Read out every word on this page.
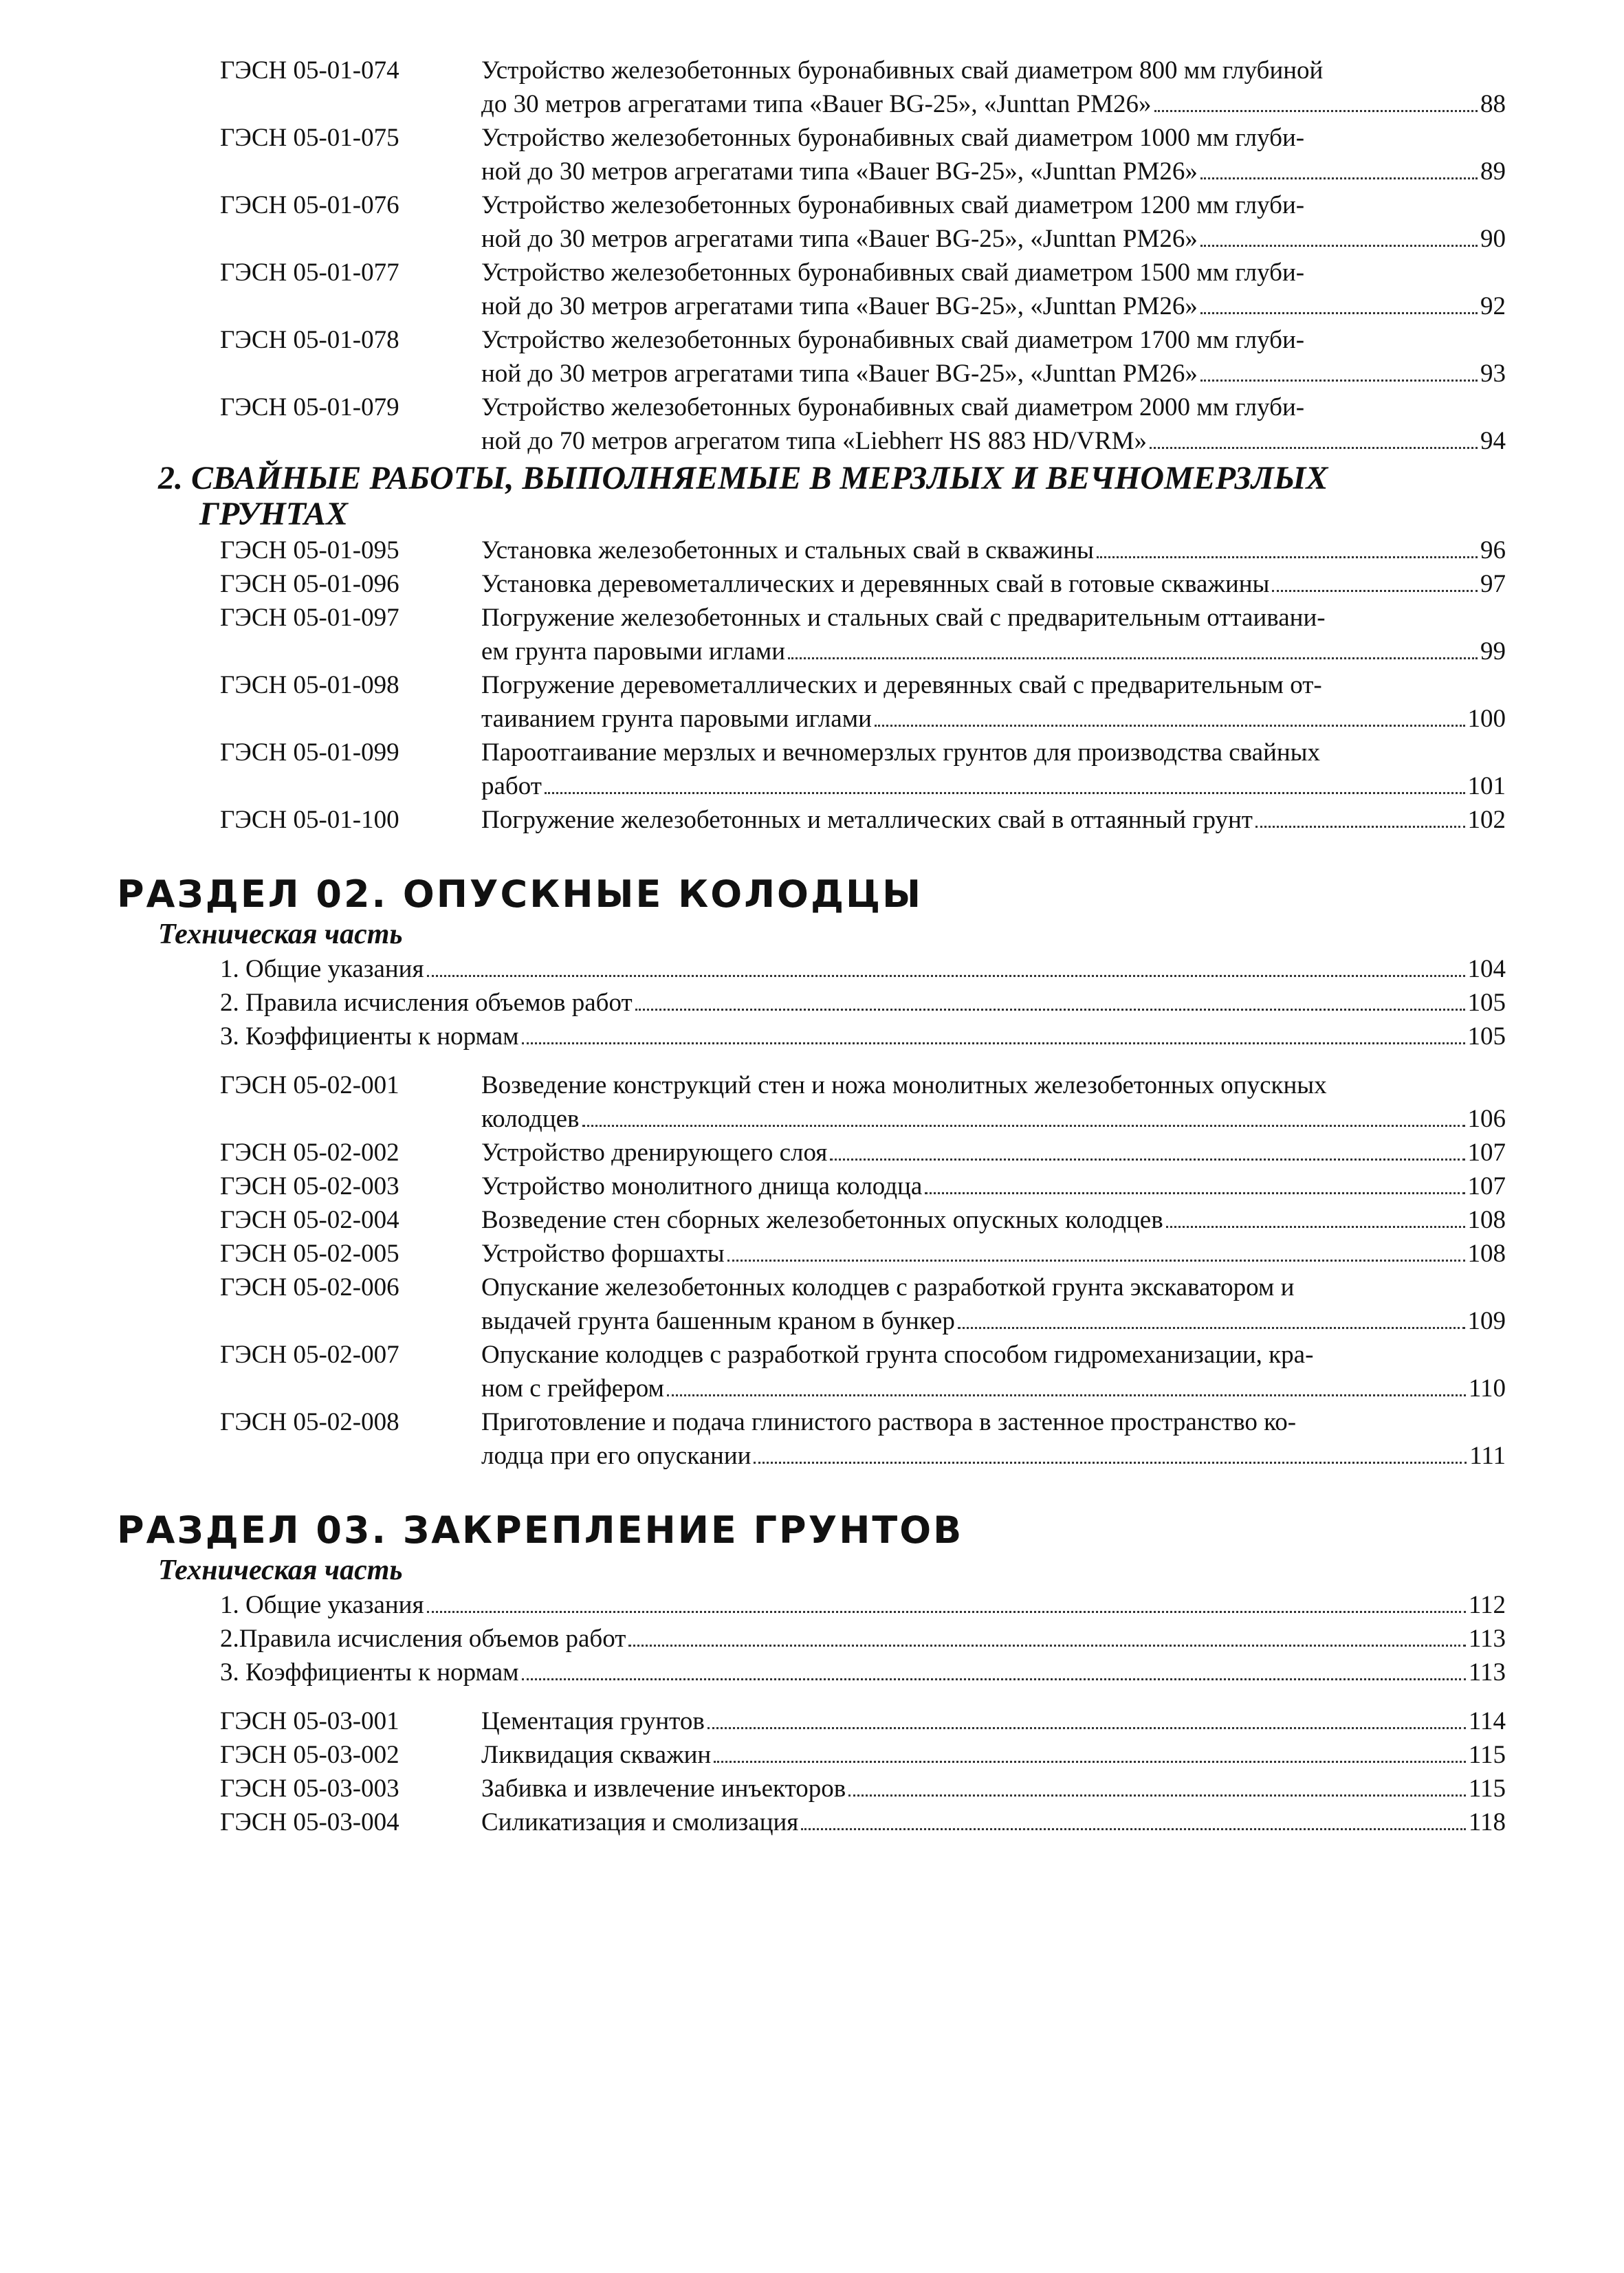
ГЭСН 05-01-074	Устройство железобетонных буронабивных свай диаметром 800 мм глубиной
до 30 метров агрегатами типа «Bauer BG-25», «Junttan PM26»	88
ГЭСН 05-01-075	Устройство железобетонных буронабивных свай диаметром 1000 мм глуби-
ной до 30 метров агрегатами типа «Bauer BG-25», «Junttan PM26»	89
ГЭСН 05-01-076	Устройство железобетонных буронабивных свай диаметром 1200 мм глуби-
ной до 30 метров агрегатами типа «Bauer BG-25», «Junttan PM26»	90
ГЭСН 05-01-077	Устройство железобетонных буронабивных свай диаметром 1500 мм глуби-
ной до 30 метров агрегатами типа «Bauer BG-25», «Junttan PM26»	92
ГЭСН 05-01-078	Устройство железобетонных буронабивных свай диаметром 1700 мм глуби-
ной до 30 метров агрегатами типа «Bauer BG-25», «Junttan PM26»	93
ГЭСН 05-01-079	Устройство железобетонных буронабивных свай диаметром 2000 мм глуби-
ной до 70 метров агрегатом типа «Liebherr HS 883 HD/VRM»	94
2. СВАЙНЫЕ РАБОТЫ, ВЫПОЛНЯЕМЫЕ В МЕРЗЛЫХ И ВЕЧНОМЕРЗЛЫХ
ГРУНТАХ
ГЭСН 05-01-095	Установка железобетонных и стальных свай в скважины	96
ГЭСН 05-01-096	Установка деревометаллических и деревянных свай в готовые скважины	97
ГЭСН 05-01-097	Погружение железобетонных и стальных свай с предварительным оттаивани-
ем грунта паровыми иглами	99
ГЭСН 05-01-098	Погружение деревометаллических и деревянных свай с предварительным от-
таиванием грунта паровыми иглами	100
ГЭСН 05-01-099	Пароотгаивание мерзлых и вечномерзлых грунтов для производства свайных
работ	101
ГЭСН 05-01-100	Погружение железобетонных и металлических свай в оттаянный грунт	102
РАЗДЕЛ 02. ОПУСКНЫЕ КОЛОДЦЫ
Техническая часть
1. Общие указания	104
2. Правила исчисления объемов работ	105
3. Коэффициенты к нормам	105
ГЭСН 05-02-001	Возведение конструкций стен и ножа монолитных железобетонных опускных
колодцев	106
ГЭСН 05-02-002	Устройство дренирующего слоя	107
ГЭСН 05-02-003	Устройство монолитного днища колодца	107
ГЭСН 05-02-004	Возведение стен сборных железобетонных опускных колодцев	108
ГЭСН 05-02-005	Устройство форшахты	108
ГЭСН 05-02-006	Опускание железобетонных колодцев с разработкой грунта экскаватором и
выдачей грунта башенным краном в бункер	109
ГЭСН 05-02-007	Опускание колодцев с разработкой грунта способом гидромеханизации, кра-
ном с грейфером	110
ГЭСН 05-02-008	Приготовление и подача глинистого раствора в застенное пространство ко-
лодца при его опускании	111
РАЗДЕЛ 03. ЗАКРЕПЛЕНИЕ ГРУНТОВ
Техническая часть
1. Общие указания	112
2.Правила исчисления объемов работ	113
3. Коэффициенты к нормам	113
ГЭСН 05-03-001	Цементация грунтов	114
ГЭСН 05-03-002	Ликвидация скважин	115
ГЭСН 05-03-003	Забивка и извлечение инъекторов	115
ГЭСН 05-03-004	Силикатизация и смолизация	118
